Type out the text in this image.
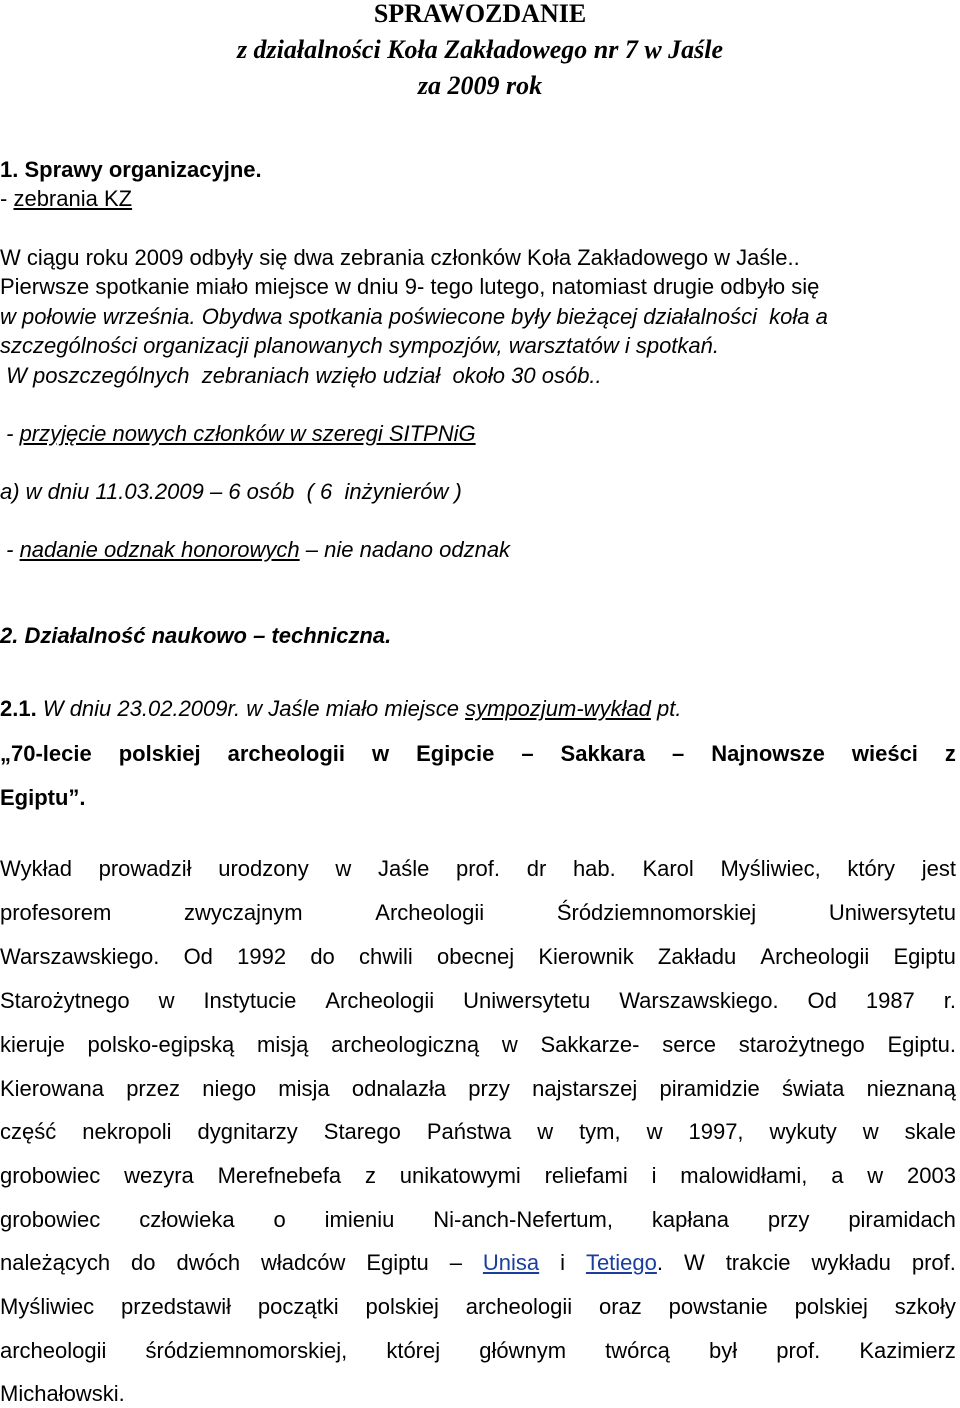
SPRAWOZDANIE

z działalności Koła Zakładowego nr 7 w Jaśle

za 2009 rok

1. Sprawy organizacyjne.
- zebrania KZ
W ciągu roku 2009 odbyły się dwa zebrania członków Koła Zakładowego w Jaśle..
Pierwsze spotkanie miało miejsce w dniu 9- tego lutego, natomiast drugie odbyło się
w połowie września. Obydwa spotkania poświecone były bieżącej działalności  koła a
szczególności organizacji planowanych sympozjów, warsztatów i spotkań.
W poszczególnych  zebraniach wzięło udział  około 30 osób..
- przyjęcie nowych członków w szeregi SITPNiG
a) w dniu 11.03.2009 – 6 osób  ( 6  inżynierów )
- nadanie odznak honorowych – nie nadano odznak
2. Działalność naukowo – techniczna.
2.1. W dniu 23.02.2009r. w Jaśle miało miejsce sympozjum-wykład pt.
„70-lecie polskiej archeologii w Egipcie – Sakkara – Najnowsze wieści z
Egiptu”.
Wykład prowadził urodzony w Jaśle prof. dr hab. Karol Myśliwiec, który jest
profesorem	zwyczajnym	Archeologii	Śródziemnomorskiej	Uniwersytetu
Warszawskiego. Od 1992 do chwili obecnej Kierownik Zakładu Archeologii Egiptu
Starożytnego w Instytucie Archeologii Uniwersytetu Warszawskiego. Od 1987 r.
kieruje polsko-egipską misją archeologiczną w Sakkarze- serce starożytnego Egiptu.
Kierowana przez niego misja odnalazła przy najstarszej piramidzie świata nieznaną
część nekropoli dygnitarzy Starego Państwa w tym, w 1997, wykuty w skale
grobowiec wezyra Merefnebefa z unikatowymi reliefami i malowidłami, a w 2003
grobowiec człowieka o imieniu Ni-anch-Nefertum, kapłana przy piramidach
należących do dwóch władców Egiptu – Unisa i Tetiego. W trakcie wykładu prof.
Myśliwiec przedstawił początki polskiej archeologii oraz powstanie polskiej szkoły
archeologii śródziemnomorskiej, której głównym twórcą był prof. Kazimierz
Michałowski.
